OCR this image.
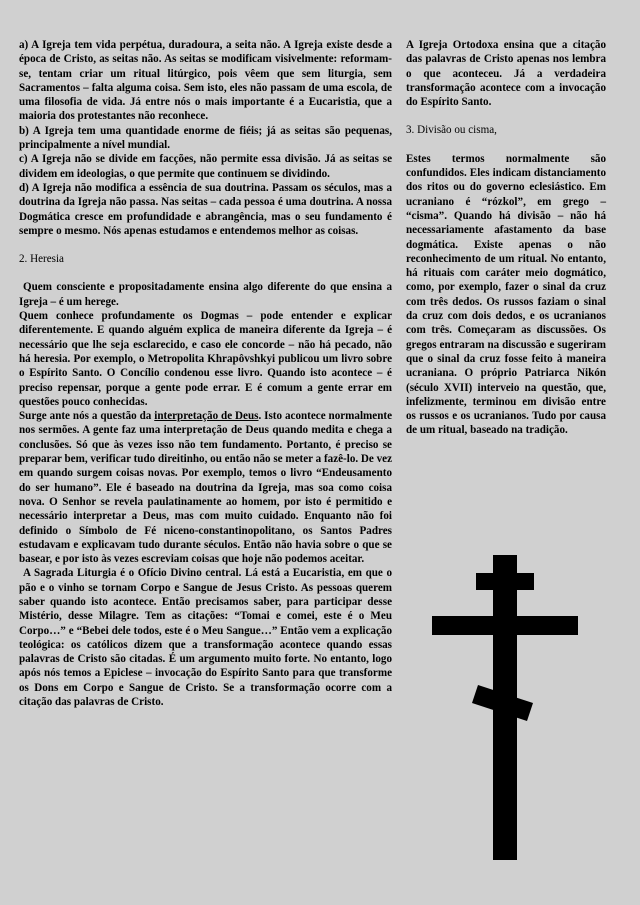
a) A Igreja tem vida perpétua, duradoura, a seita não. A Igreja existe desde a época de Cristo, as seitas não. As seitas se modificam visivelmente: reformam-se, tentam criar um ritual litúrgico, pois vêem que sem liturgia, sem Sacramentos – falta alguma coisa. Sem isto, eles não passam de uma escola, de uma filosofia de vida. Já entre nós o mais importante é a Eucaristia, que a maioria dos protestantes não reconhece.

b) A Igreja tem uma quantidade enorme de fiéis; já as seitas são pequenas, principalmente a nível mundial.

c) A Igreja não se divide em facções, não permite essa divisão. Já as seitas se dividem em ideologias, o que permite que continuem se dividindo.

d) A Igreja não modifica a essência de sua doutrina. Passam os séculos, mas a doutrina da Igreja não passa. Nas seitas – cada pessoa é uma doutrina. A nossa Dogmática cresce em profundidade e abrangência, mas o seu fundamento é sempre o mesmo. Nós apenas estudamos e entendemos melhor as coisas.

2. Heresia

Quem consciente e propositadamente ensina algo diferente do que ensina a Igreja – é um herege.

Quem conhece profundamente os Dogmas – pode entender e explicar diferentemente. E quando alguém explica de maneira diferente da Igreja – é necessário que lhe seja esclarecido, e caso ele concorde – não há pecado, não há heresia. Por exemplo, o Metropolita Khrapôvshkyi publicou um livro sobre o Espírito Santo. O Concílio condenou esse livro. Quando isto acontece – é preciso repensar, porque a gente pode errar. E é comum a gente errar em questões pouco conhecidas.

Surge ante nós a questão da interpretação de Deus. Isto acontece normalmente nos sermões. A gente faz uma interpretação de Deus quando medita e chega a conclusões. Só que às vezes isso não tem fundamento. Portanto, é preciso se preparar bem, verificar tudo direitinho, ou então não se meter a fazê-lo. De vez em quando surgem coisas novas. Por exemplo, temos o livro “Endeusamento do ser humano”. Ele é baseado na doutrina da Igreja, mas soa como coisa nova. O Senhor se revela paulatinamente ao homem, por isto é permitido e necessário interpretar a Deus, mas com muito cuidado. Enquanto não foi definido o Símbolo de Fé niceno-constantinopolitano, os Santos Padres estudavam e explicavam tudo durante séculos. Então não havia sobre o que se basear, e por isto às vezes escreviam coisas que hoje não podemos aceitar.

A Sagrada Liturgia é o Ofício Divino central. Lá está a Eucaristia, em que o pão e o vinho se tornam Corpo e Sangue de Jesus Cristo. As pessoas querem saber quando isto acontece. Então precisamos saber, para participar desse Mistério, desse Milagre. Tem as citações: “Tomai e comei, este é o Meu Corpo…” e “Bebei dele todos, este é o Meu Sangue…” Então vem a explicação teológica: os católicos dizem que a transformação acontece quando essas palavras de Cristo são citadas. É um argumento muito forte. No entanto, logo após nós temos a Epiclese – invocação do Espírito Santo para que transforme os Dons em Corpo e Sangue de Cristo. Se a transformação ocorre com a citação das palavras de Cristo.

A Igreja Ortodoxa ensina que a citação das palavras de Cristo apenas nos lembra o que aconteceu. Já a verdadeira transformação acontece com a invocação do Espírito Santo.

3. Divisão ou cisma,

Estes termos normalmente são confundidos. Eles indicam distanciamento dos ritos ou do governo eclesiástico. Em ucraniano é “rózkol”, em grego – “cisma”. Quando há divisão – não há necessariamente afastamento da base dogmática. Existe apenas o não reconhecimento de um ritual. No entanto, há rituais com caráter meio dogmático, como, por exemplo, fazer o sinal da cruz com três dedos. Os russos faziam o sinal da cruz com dois dedos, e os ucranianos com três. Começaram as discussões. Os gregos entraram na discussão e sugeriram que o sinal da cruz fosse feito à maneira ucraniana. O próprio Patriarca Nikón (século XVII) interveio na questão, que, infelizmente, terminou em divisão entre os russos e os ucranianos. Tudo por causa de um ritual, baseado na tradição.
